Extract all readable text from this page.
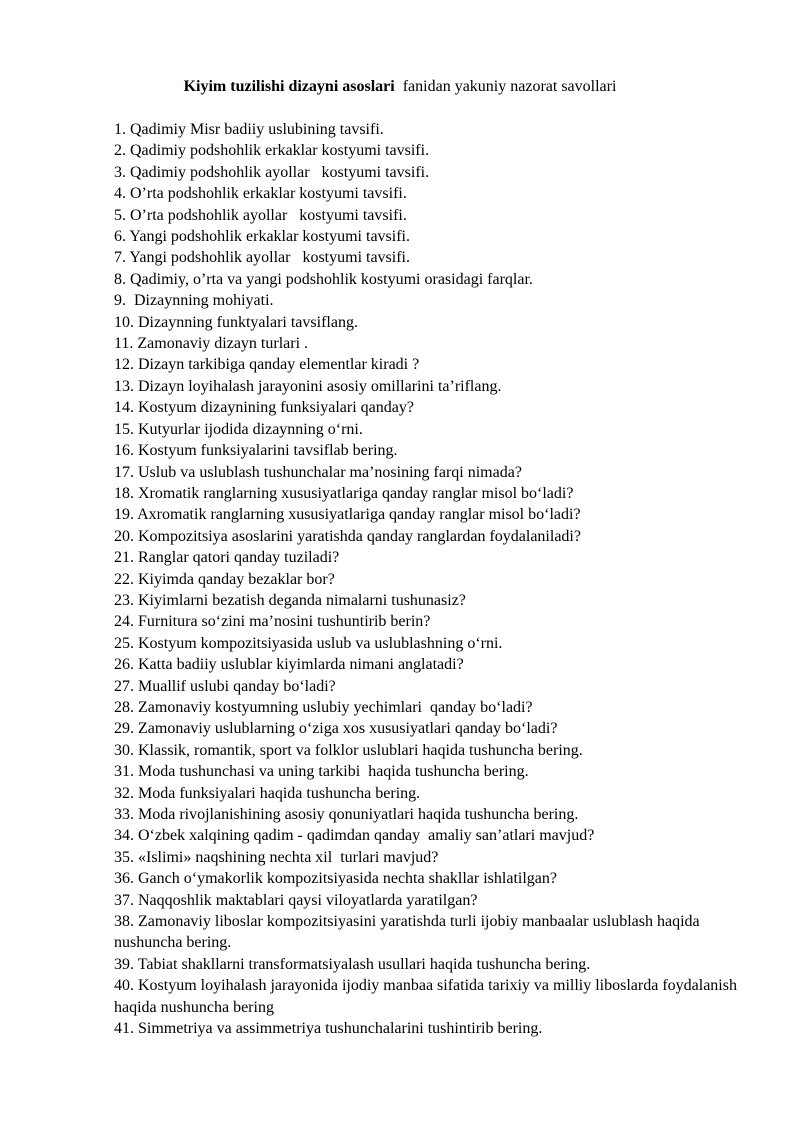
Kiyim tuzilishi dizayni asoslari  fanidan yakuniy nazorat savollari
1. Qadimiy Misr badiiy uslubining tavsifi.
2. Qadimiy podshohlik erkaklar kostyumi tavsifi.
3. Qadimiy podshohlik ayollar   kostyumi tavsifi.
4. O’rta podshohlik erkaklar kostyumi tavsifi.
5. O’rta podshohlik ayollar   kostyumi tavsifi.
6. Yangi podshohlik erkaklar kostyumi tavsifi.
7. Yangi podshohlik ayollar   kostyumi tavsifi.
8. Qadimiy, o’rta va yangi podshohlik kostyumi orasidagi farqlar.
9.  Dizaynning mohiyati.
10. Dizaynning funktyalari tavsiflang.
11. Zamonaviy dizayn turlari .
12. Dizayn tarkibiga qanday elementlar kiradi ?
13. Dizayn loyihalash jarayonini asosiy omillarini ta’riflang.
14. Kostyum dizaynining funksiyalari qanday?
15. Kutyurlar ijodida dizaynning o‘rni.
16. Kostyum funksiyalarini tavsiflab bering.
17. Uslub va uslublash tushunchalar ma’nosining farqi nimada?
18. Xromatik ranglarning xususiyatlariga qanday ranglar misol bo‘ladi?
19. Axromatik ranglarning xususiyatlariga qanday ranglar misol bo‘ladi?
20. Kompozitsiya asoslarini yaratishda qanday ranglardan foydalaniladi?
21. Ranglar qatori qanday tuziladi?
22. Kiyimda qanday bezaklar bor?
23. Kiyimlarni bezatish deganda nimalarni tushunasiz?
24. Furnitura so‘zini ma’nosini tushuntirib berin?
25. Kostyum kompozitsiyasida uslub va uslublashning o‘rni.
26. Katta badiiy uslublar kiyimlarda nimani anglatadi?
27. Muallif uslubi qanday bo‘ladi?
28. Zamonaviy kostyumning uslubiy yechimlari  qanday bo‘ladi?
29. Zamonaviy uslublarning o‘ziga xos xususiyatlari qanday bo‘ladi?
30. Klassik, romantik, sport va folklor uslublari haqida tushuncha bering.
31. Moda tushunchasi va uning tarkibi  haqida tushuncha bering.
32. Moda funksiyalari haqida tushuncha bering.
33. Moda rivojlanishining asosiy qonuniyatlari haqida tushuncha bering.
34. O‘zbek xalqining qadim - qadimdan qanday  amaliy san’atlari mavjud?
35. «Islimi» naqshining nechta xil  turlari mavjud?
36. Ganch o‘ymakorlik kompozitsiyasida nechta shakllar ishlatilgan?
37. Naqqoshlik maktablari qaysi viloyatlarda yaratilgan?
38. Zamonaviy liboslar kompozitsiyasini yaratishda turli ijobiy manbaalar uslublash haqida nushuncha bering.
39. Tabiat shakllarni transformatsiyalash usullari haqida tushuncha bering.
40. Kostyum loyihalash jarayonida ijodiy manbaa sifatida tarixiy va milliy liboslarda foydalanish haqida nushuncha bering
41. Simmetriya va assimmetriya tushunchalarini tushintirib bering.
